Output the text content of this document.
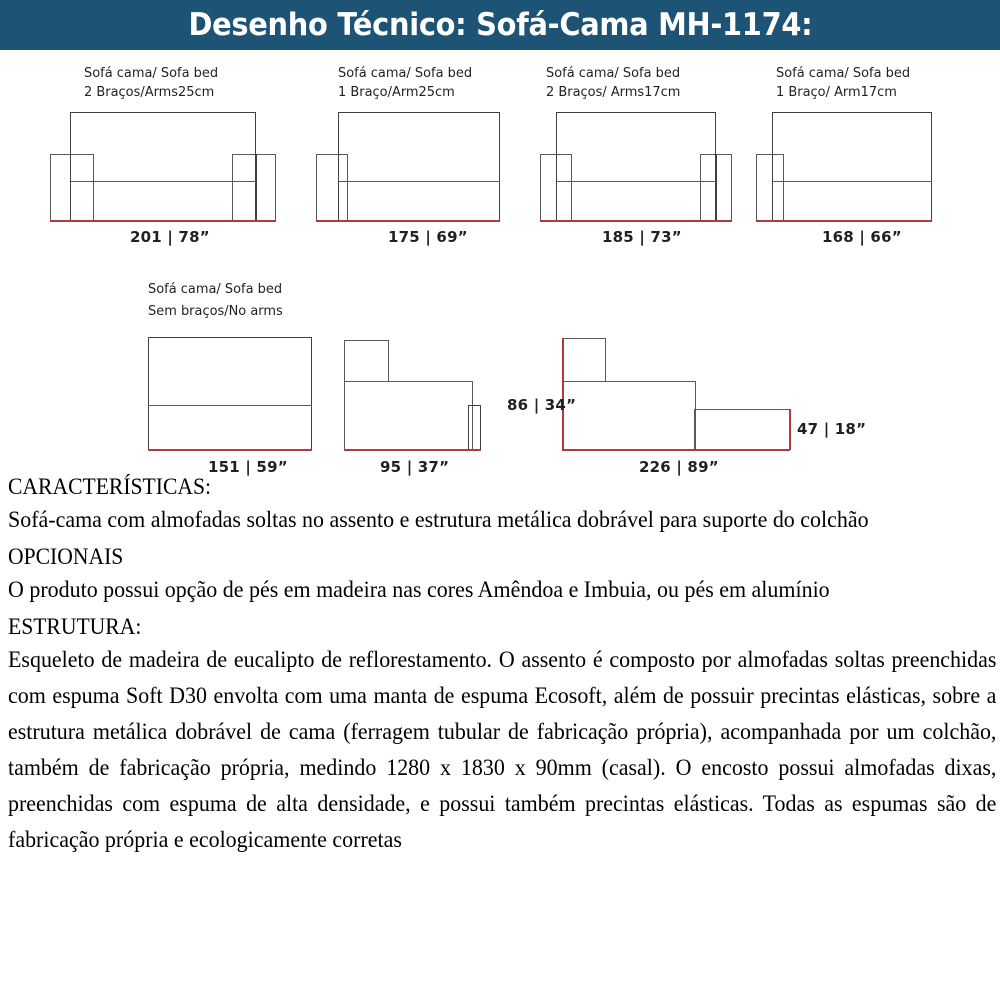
Desenho Técnico: Sofá-Cama MH-1174:
Sofá cama/ Sofa bed
2 Braços/Arms25cm
201 | 78”
Sofá cama/ Sofa bed
1 Braço/Arm25cm
175 | 69”
Sofá cama/ Sofa bed
2 Braços/ Arms17cm
185 | 73”
Sofá cama/ Sofa bed
1 Braço/ Arm17cm
168 | 66”
Sofá cama/ Sofa bed
Sem braços/No arms
151 | 59”	95 | 37”
86 | 34”
47 | 18”
226 | 89”
CARACTERÍSTICAS:
Sofá-cama com almofadas soltas no assento e estrutura metálica dobrável para suporte do colchão
OPCIONAIS
O produto possui opção de pés em madeira nas cores Amêndoa e Imbuia, ou pés em alumínio
ESTRUTURA:
Esqueleto de madeira de eucalipto de reflorestamento. O assento é composto por almofadas soltas preenchidas com espuma Soft D30 envolta com uma manta de espuma Ecosoft, além de possuir precintas elásticas, sobre a estrutura metálica dobrável de cama (ferragem tubular de fabricação própria), acompanhada por um colchão, também de fabricação própria, medindo 1280 x 1830 x 90mm (casal). O encosto possui almofadas dixas, preenchidas com espuma de alta densidade, e possui também precintas elásticas. Todas as espumas são de fabricação própria e ecologicamente corretas
